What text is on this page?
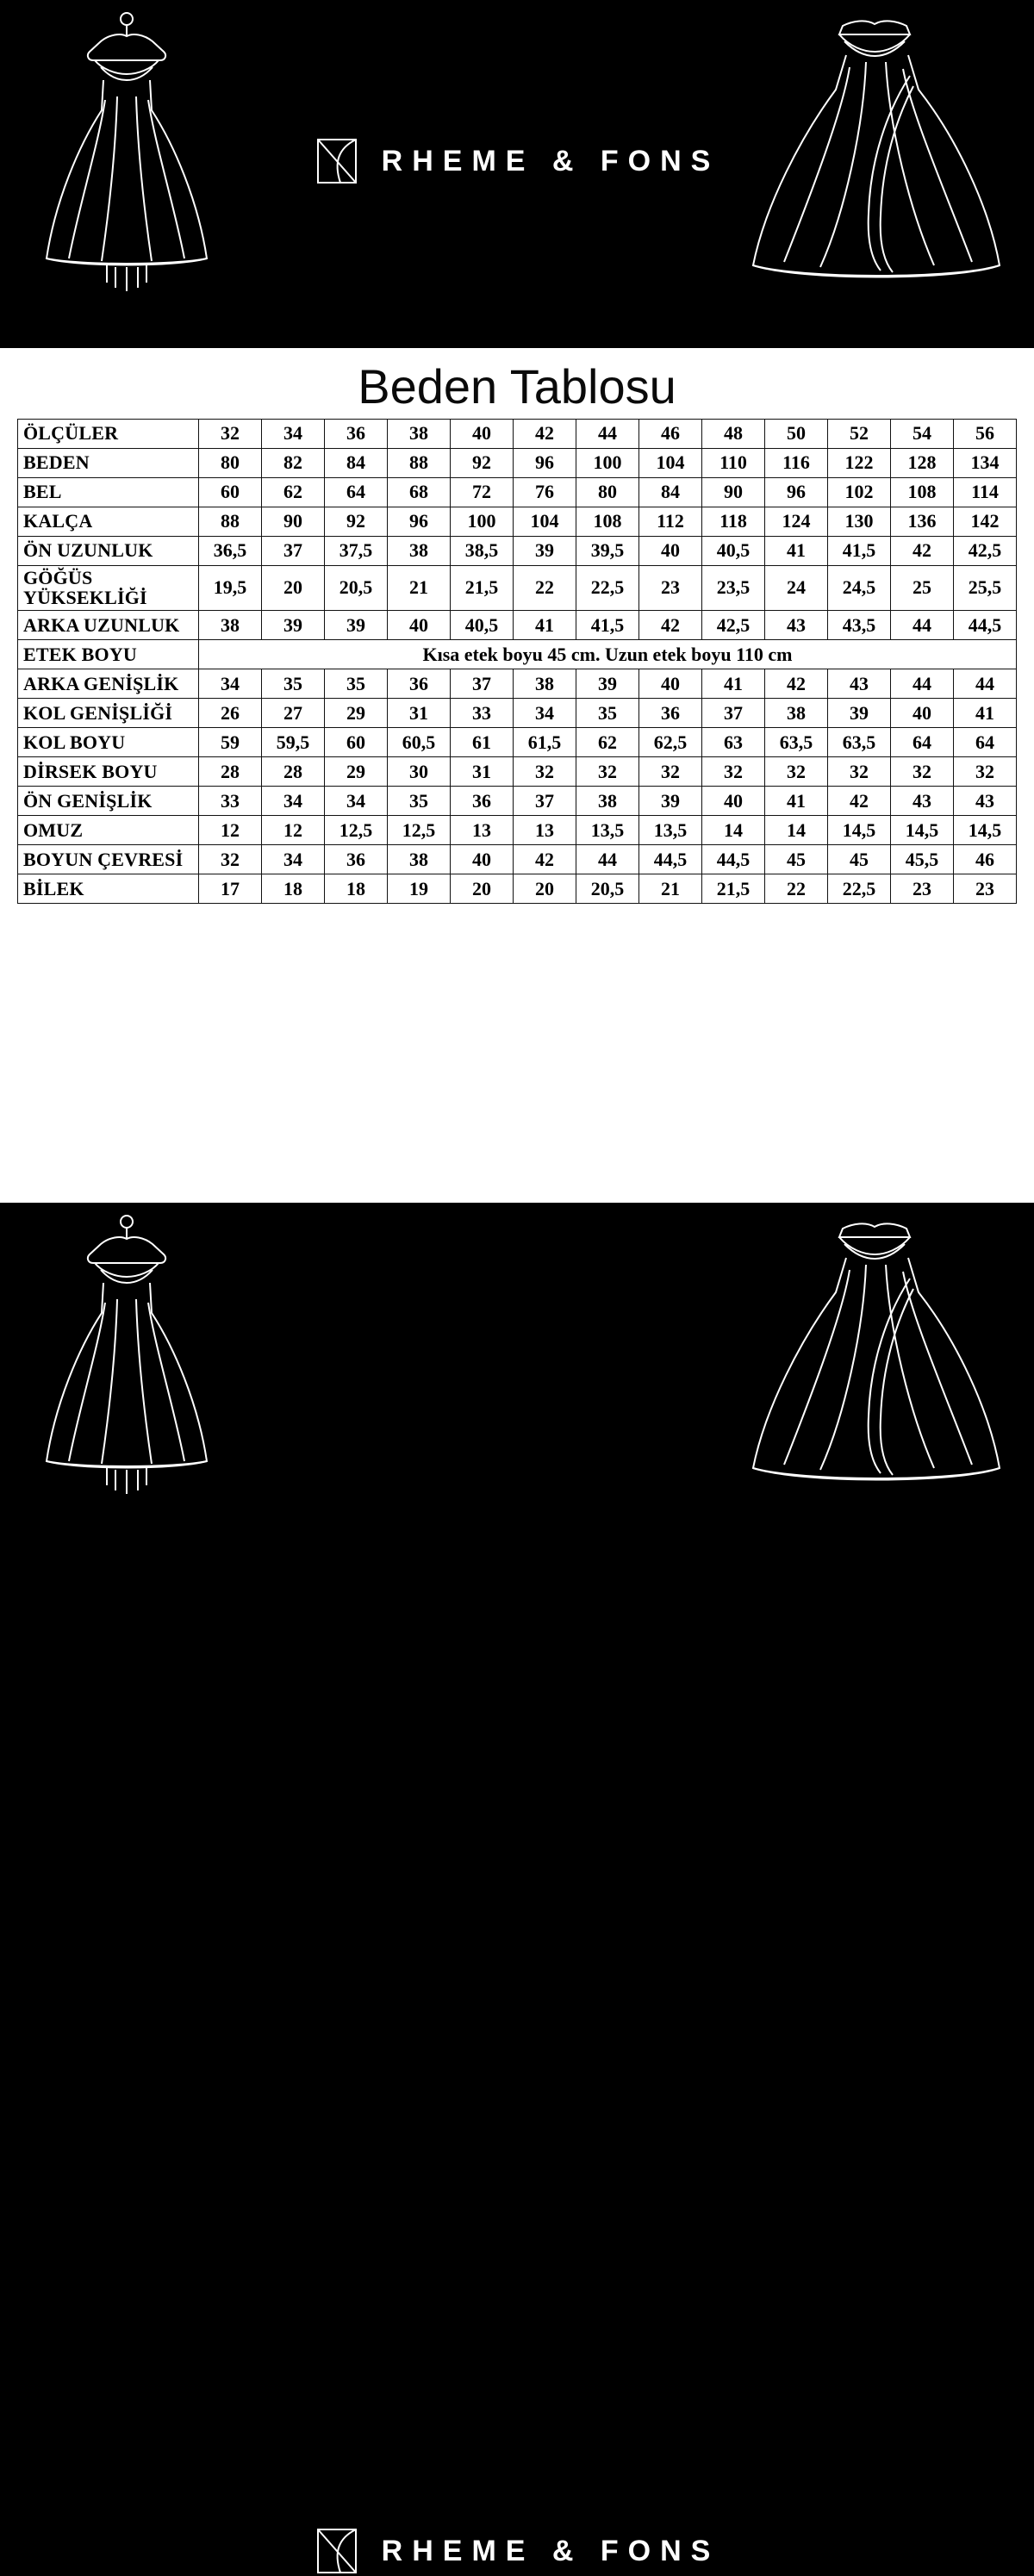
RHEME & FONS
Beden Tablosu
ÖLÇÜLER	32	34	36	38	40	42	44	46	48	50	52	54	56
BEDEN	80	82	84	88	92	96	100	104	110	116	122	128	134
BEL	60	62	64	68	72	76	80	84	90	96	102	108	114
KALÇA	88	90	92	96	100	104	108	112	118	124	130	136	142
ÖN UZUNLUK	36,5	37	37,5	38	38,5	39	39,5	40	40,5	41	41,5	42	42,5
GÖĞÜS YÜKSEKLİĞİ	19,5	20	20,5	21	21,5	22	22,5	23	23,5	24	24,5	25	25,5
ARKA UZUNLUK	38	39	39	40	40,5	41	41,5	42	42,5	43	43,5	44	44,5
ETEK BOYU	Kısa etek boyu 45 cm. Uzun etek boyu 110 cm												
ARKA GENİŞLİK	34	35	35	36	37	38	39	40	41	42	43	44	44
KOL GENİŞLİĞİ	26	27	29	31	33	34	35	36	37	38	39	40	41
KOL BOYU	59	59,5	60	60,5	61	61,5	62	62,5	63	63,5	63,5	64	64
DİRSEK BOYU	28	28	29	30	31	32	32	32	32	32	32	32	32
ÖN GENİŞLİK	33	34	34	35	36	37	38	39	40	41	42	43	43
OMUZ	12	12	12,5	12,5	13	13	13,5	13,5	14	14	14,5	14,5	14,5
BOYUN ÇEVRESİ	32	34	36	38	40	42	44	44,5	44,5	45	45	45,5	46
BİLEK	17	18	18	19	20	20	20,5	21	21,5	22	22,5	23	23
RHEME & FONS
